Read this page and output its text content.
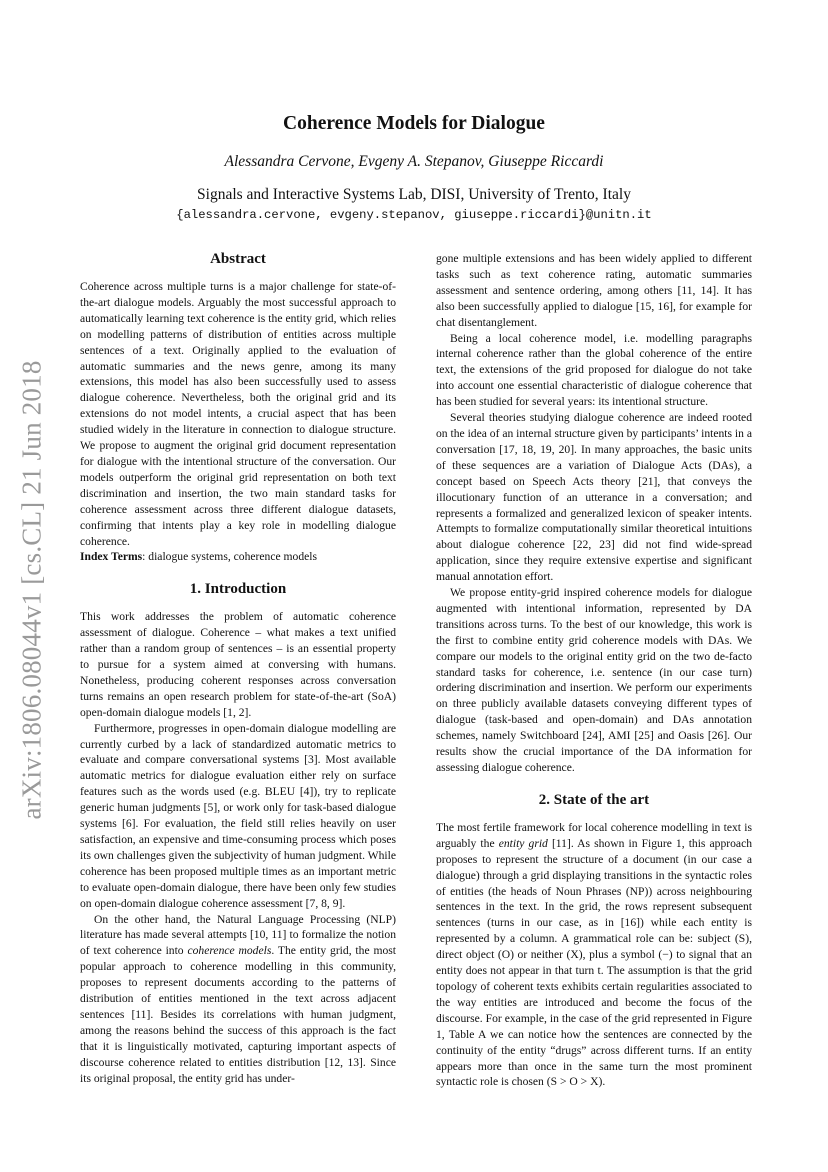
arXiv:1806.08044v1 [cs.CL] 21 Jun 2018
Coherence Models for Dialogue
Alessandra Cervone, Evgeny A. Stepanov, Giuseppe Riccardi
Signals and Interactive Systems Lab, DISI, University of Trento, Italy
{alessandra.cervone, evgeny.stepanov, giuseppe.riccardi}@unitn.it
Abstract

Coherence across multiple turns is a major challenge for state-of-the-art dialogue models. Arguably the most successful approach to automatically learning text coherence is the entity grid, which relies on modelling patterns of distribution of entities across multiple sentences of a text. Originally applied to the evaluation of automatic summaries and the news genre, among its many extensions, this model has also been successfully used to assess dialogue coherence. Nevertheless, both the original grid and its extensions do not model intents, a crucial aspect that has been studied widely in the literature in connection to dialogue structure. We propose to augment the original grid document representation for dialogue with the intentional structure of the conversation. Our models outperform the original grid representation on both text discrimination and insertion, the two main standard tasks for coherence assessment across three different dialogue datasets, confirming that intents play a key role in modelling dialogue coherence.

Index Terms: dialogue systems, coherence models

1. Introduction

This work addresses the problem of automatic coherence assessment of dialogue. Coherence – what makes a text unified rather than a random group of sentences – is an essential property to pursue for a system aimed at conversing with humans. Nonetheless, producing coherent responses across conversation turns remains an open research problem for state-of-the-art (SoA) open-domain dialogue models [1, 2].

Furthermore, progresses in open-domain dialogue modelling are currently curbed by a lack of standardized automatic metrics to evaluate and compare conversational systems [3]. Most available automatic metrics for dialogue evaluation either rely on surface features such as the words used (e.g. BLEU [4]), try to replicate generic human judgments [5], or work only for task-based dialogue systems [6]. For evaluation, the field still relies heavily on user satisfaction, an expensive and time-consuming process which poses its own challenges given the subjectivity of human judgment. While coherence has been proposed multiple times as an important metric to evaluate open-domain dialogue, there have been only few studies on open-domain dialogue coherence assessment [7, 8, 9].

On the other hand, the Natural Language Processing (NLP) literature has made several attempts [10, 11] to formalize the notion of text coherence into coherence models. The entity grid, the most popular approach to coherence modelling in this community, proposes to represent documents according to the patterns of distribution of entities mentioned in the text across adjacent sentences [11]. Besides its correlations with human judgment, among the reasons behind the success of this approach is the fact that it is linguistically motivated, capturing important aspects of discourse coherence related to entities distribution [12, 13]. Since its original proposal, the entity grid has under-

gone multiple extensions and has been widely applied to different tasks such as text coherence rating, automatic summaries assessment and sentence ordering, among others [11, 14]. It has also been successfully applied to dialogue [15, 16], for example for chat disentanglement.

Being a local coherence model, i.e. modelling paragraphs internal coherence rather than the global coherence of the entire text, the extensions of the grid proposed for dialogue do not take into account one essential characteristic of dialogue coherence that has been studied for several years: its intentional structure.

Several theories studying dialogue coherence are indeed rooted on the idea of an internal structure given by participants’ intents in a conversation [17, 18, 19, 20]. In many approaches, the basic units of these sequences are a variation of Dialogue Acts (DAs), a concept based on Speech Acts theory [21], that conveys the illocutionary function of an utterance in a conversation; and represents a formalized and generalized lexicon of speaker intents. Attempts to formalize computationally similar theoretical intuitions about dialogue coherence [22, 23] did not find wide-spread application, since they require extensive expertise and significant manual annotation effort.

We propose entity-grid inspired coherence models for dialogue augmented with intentional information, represented by DA transitions across turns. To the best of our knowledge, this work is the first to combine entity grid coherence models with DAs. We compare our models to the original entity grid on the two de-facto standard tasks for coherence, i.e. sentence (in our case turn) ordering discrimination and insertion. We perform our experiments on three publicly available datasets conveying different types of dialogue (task-based and open-domain) and DAs annotation schemes, namely Switchboard [24], AMI [25] and Oasis [26]. Our results show the crucial importance of the DA information for assessing dialogue coherence.

2. State of the art

The most fertile framework for local coherence modelling in text is arguably the entity grid [11]. As shown in Figure 1, this approach proposes to represent the structure of a document (in our case a dialogue) through a grid displaying transitions in the syntactic roles of entities (the heads of Noun Phrases (NP)) across neighbouring sentences in the text. In the grid, the rows represent subsequent sentences (turns in our case, as in [16]) while each entity is represented by a column. A grammatical role can be: subject (S), direct object (O) or neither (X), plus a symbol (−) to signal that an entity does not appear in that turn t. The assumption is that the grid topology of coherent texts exhibits certain regularities associated to the way entities are introduced and become the focus of the discourse. For example, in the case of the grid represented in Figure 1, Table A we can notice how the sentences are connected by the continuity of the entity “drugs” across different turns. If an entity appears more than once in the same turn the most prominent syntactic role is chosen (S > O > X).
